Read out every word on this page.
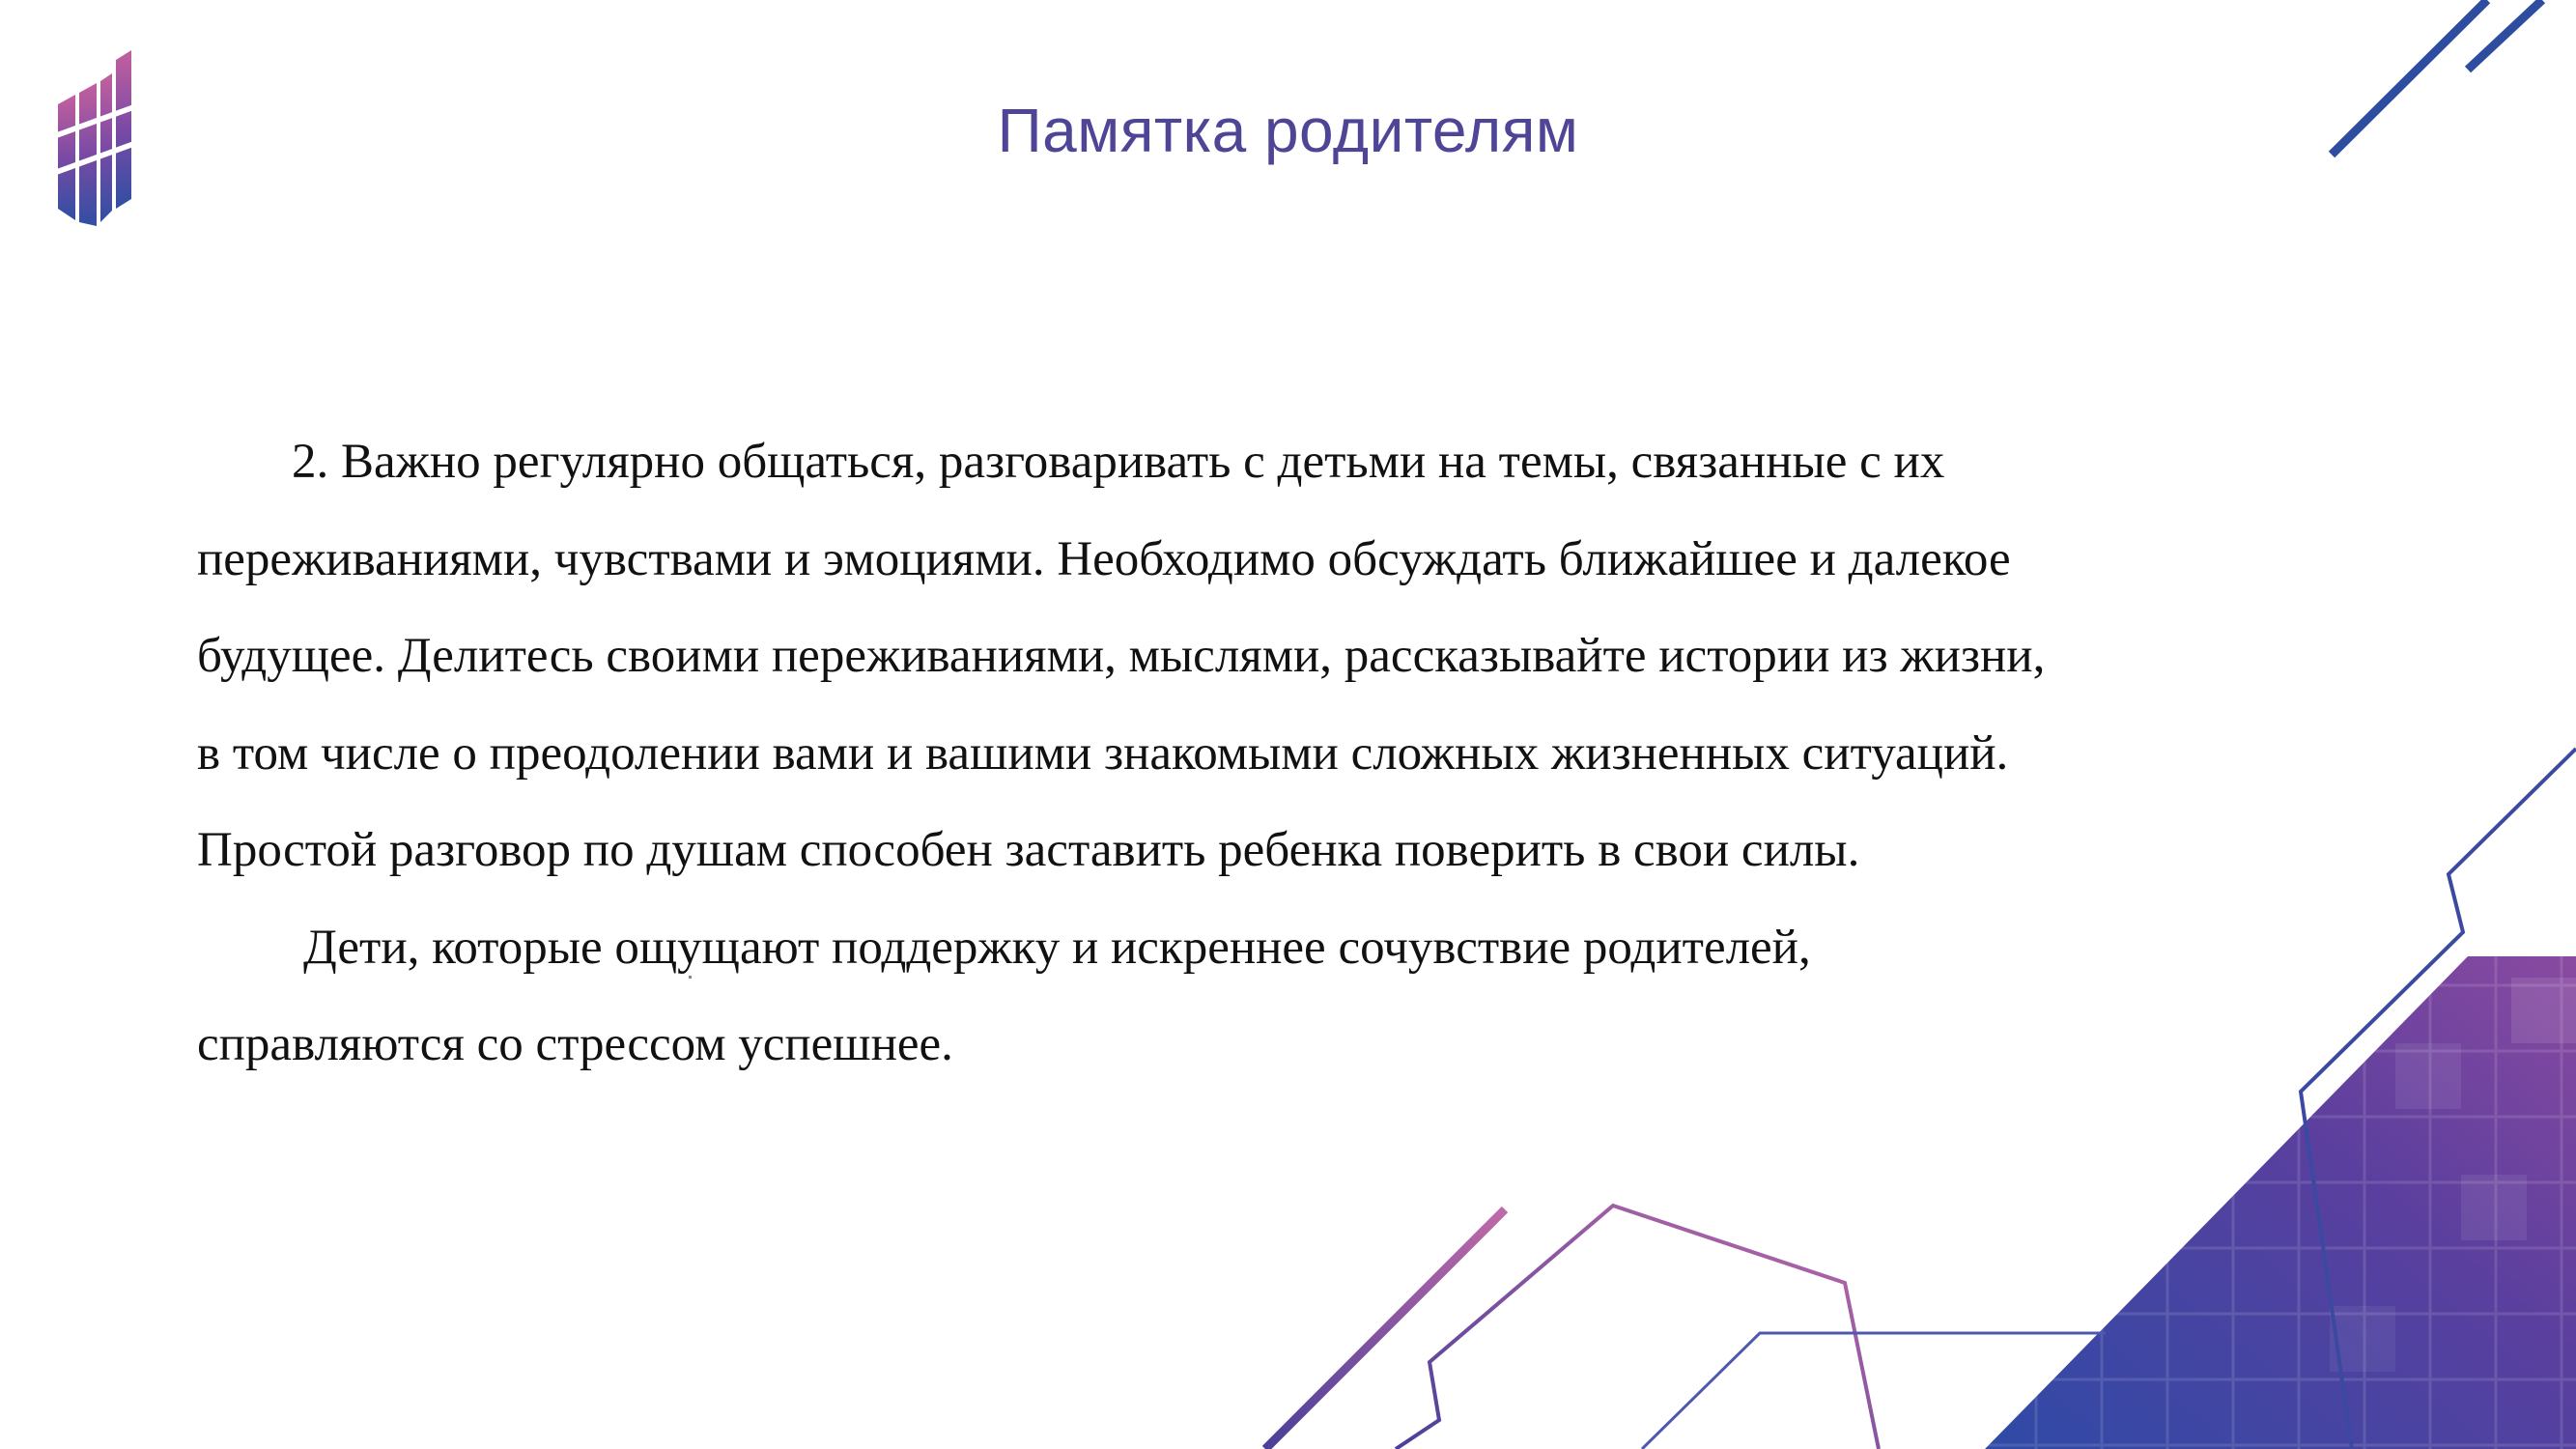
Памятка родителям

2. Важно регулярно общаться, разговаривать с детьми на темы, связанные с их
переживаниями, чувствами и эмоциями. Необходимо обсуждать ближайшее и далекое
будущее. Делитесь своими переживаниями, мыслями, рассказывайте истории из жизни,
в том числе о преодолении вами и вашими знакомыми сложных жизненных ситуаций.
Простой разговор по душам способен заставить ребенка поверить в свои силы.

Дети, которые ощущают поддержку и искреннее сочувствие родителей,
справляются со стрессом успешнее.
